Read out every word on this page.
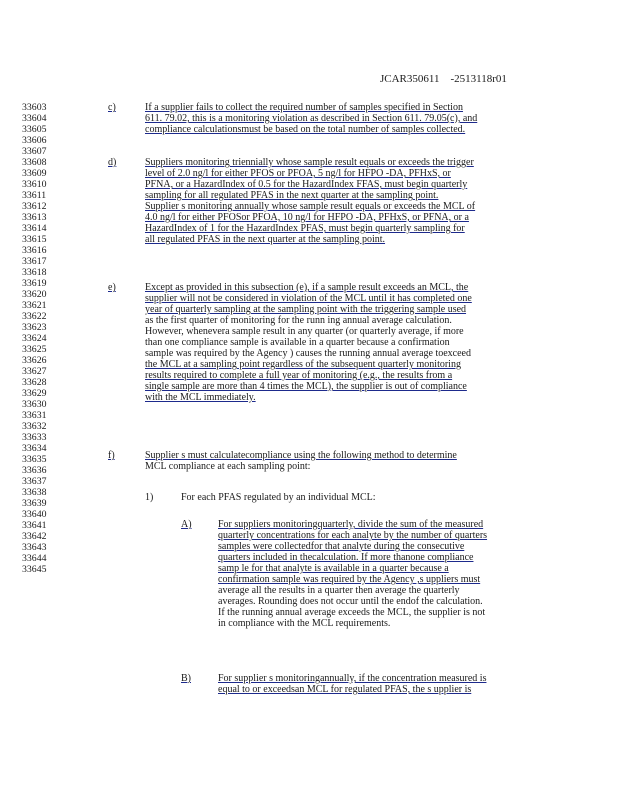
JCAR350611    -2513118r01
33603
33604
33605
33606
33607
33608
33609
33610
33611
33612
33613
33614
33615
33616
33617
33618
33619
33620
33621
33622
33623
33624
33625
33626
33627
33628
33629
33630
33631
33632
33633
33634
33635
33636
33637
33638
33639
33640
33641
33642
33643
33644
33645
c)	If a supplier fails to collect the required number of samples specified in Section
611. 79.02, this is a monitoring violation as described in Section 611. 79.05(c), and
compliance calculationsmust be based on the total number of samples collected.
d)	Suppliers monitoring triennially whose sample result equals or exceeds the trigger
level of 2.0 ng/l for either PFOS or PFOA, 5 ng/l for HFPO -DA, PFHxS, or
PFNA, or a HazardIndex of 0.5 for the HazardIndex FFAS, must begin quarterly
sampling for all regulated PFAS in the next quarter at the sampling point.
Supplier s monitoring annually whose sample result equals or exceeds the MCL of
4.0 ng/l for either PFOSor PFOA, 10 ng/l for HFPO -DA, PFHxS, or PFNA, or a
HazardIndex of 1 for the HazardIndex PFAS, must begin quarterly sampling for
all regulated PFAS in the next quarter at the sampling point.
e)	Except as provided in this subsection (e), if a sample result exceeds an MCL, the
supplier will not be considered in violation of the MCL until it has completed one
year of quarterly sampling at the sampling point with the triggering sample used
as the first quarter of monitoring for the runn ing annual average calculation.
However, whenevera sample result in any quarter (or quarterly average, if more
than one compliance sample is available in a quarter because a confirmation
sample was required by the Agency ) causes the running annual average toexceed
the MCL at a sampling point regardless of the subsequent quarterly monitoring
results required to complete a full year of monitoring (e.g., the results from a
single sample are more than 4 times the MCL), the supplier is out of compliance
with the MCL immediately.
f)	Supplier s must calculatecompliance using the following method to determine
MCL compliance at each sampling point:
1)	For each PFAS regulated by an individual MCL:
A)	For suppliers monitoringquarterly, divide the sum of the measured
quarterly concentrations for each analyte by the number of quarters
samples were collectedfor that analyte during the consecutive
quarters included in thecalculation. If more thanone compliance
samp le for that analyte is available in a quarter because a
confirmation sample was required by the Agency ,s uppliers must
average all the results in a quarter then average the quarterly
averages. Rounding does not occur until the endof the calculation.
If the running annual average exceeds the MCL, the supplier is not
in compliance with the MCL requirements.
B)	For supplier s monitoringannually, if the concentration measured is
equal to or exceedsan MCL for regulated PFAS, the s upplier is
